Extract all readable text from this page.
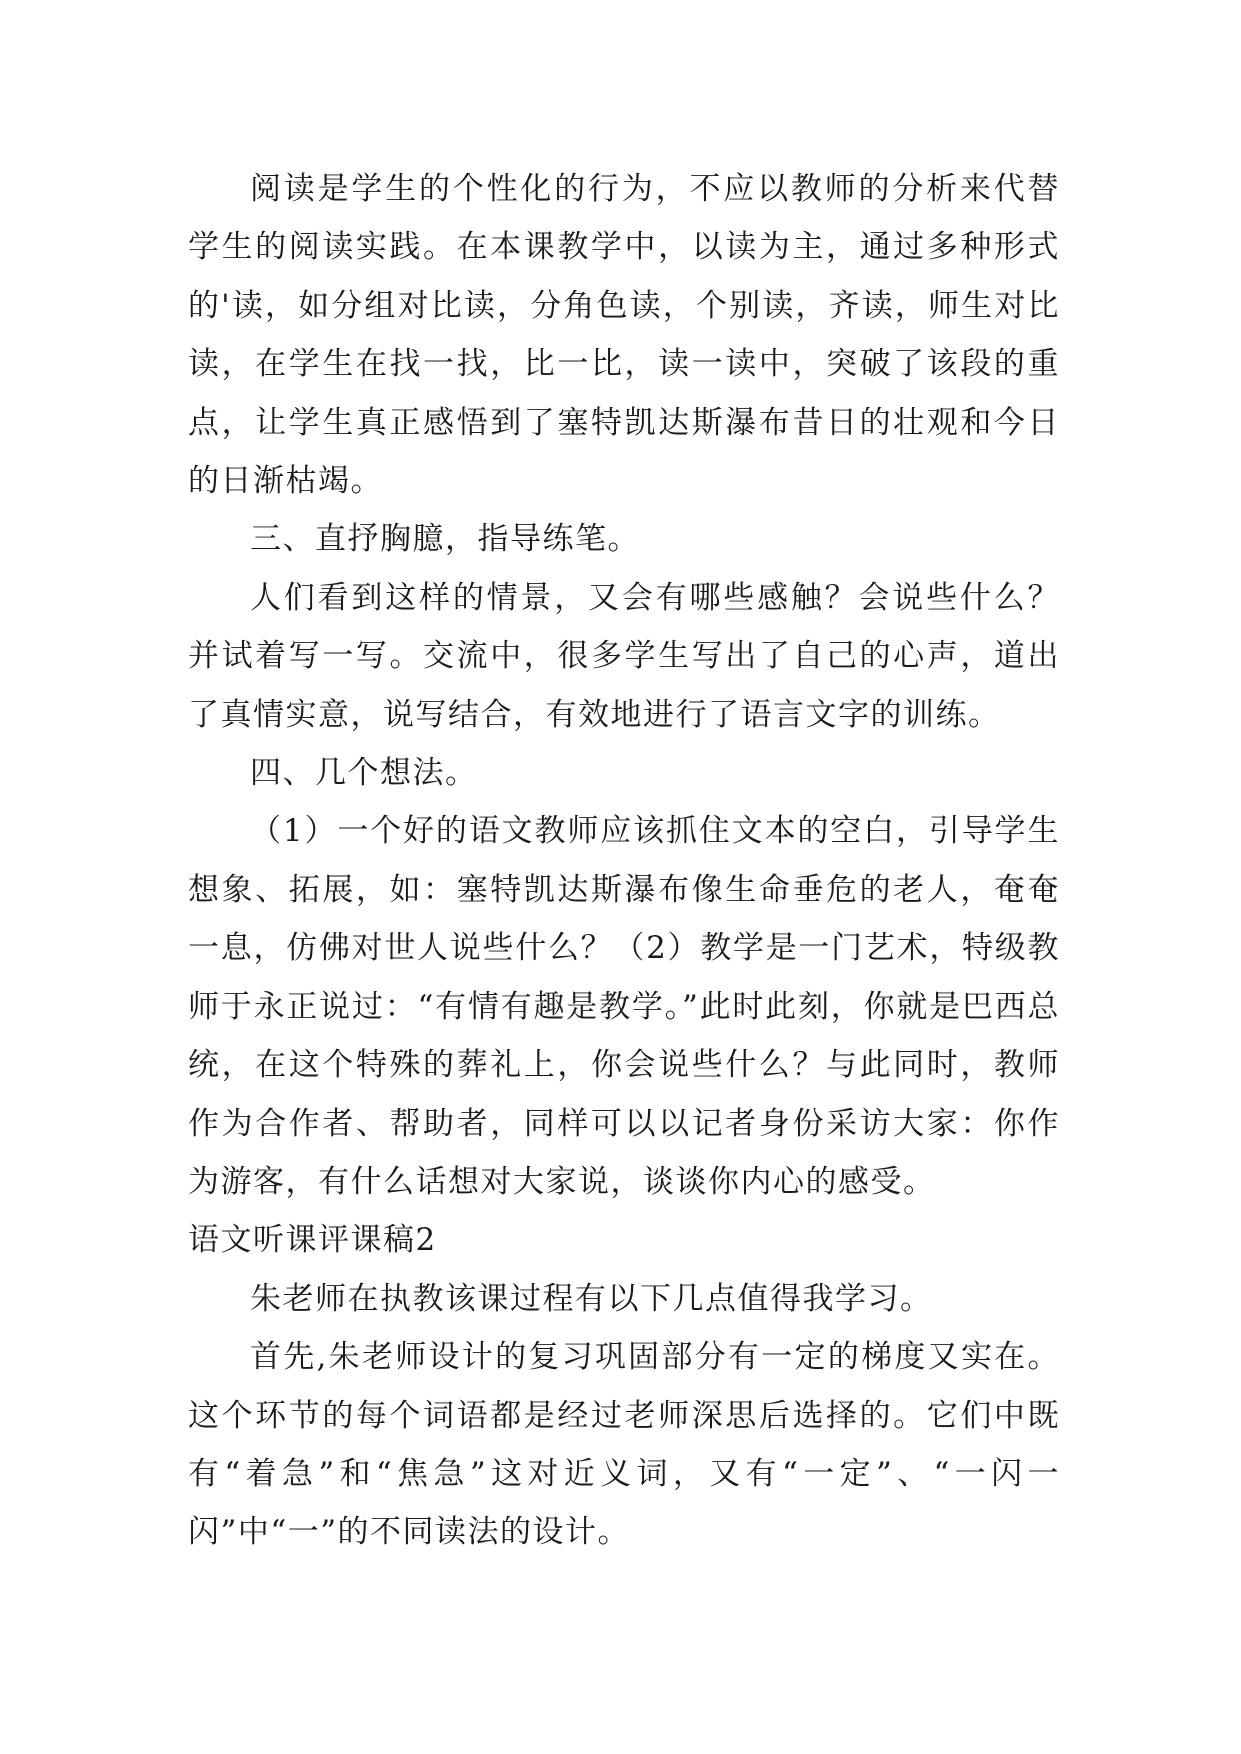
阅读是学生的个性化的行为，不应以教师的分析来代替学生的阅读实践。在本课教学中，以读为主，通过多种形式的'读，如分组对比读，分角色读，个别读，齐读，师生对比读，在学生在找一找，比一比，读一读中，突破了该段的重点，让学生真正感悟到了塞特凯达斯瀑布昔日的壮观和今日的日渐枯竭。

三、直抒胸臆，指导练笔。

人们看到这样的情景，又会有哪些感触？会说些什么？并试着写一写。交流中，很多学生写出了自己的心声，道出了真情实意，说写结合，有效地进行了语言文字的训练。

四、几个想法。

（1）一个好的语文教师应该抓住文本的空白，引导学生想象、拓展，如：塞特凯达斯瀑布像生命垂危的老人，奄奄一息，仿佛对世人说些什么？（2）教学是一门艺术，特级教师于永正说过：“有情有趣是教学。”此时此刻，你就是巴西总统，在这个特殊的葬礼上，你会说些什么？与此同时，教师作为合作者、帮助者，同样可以以记者身份采访大家：你作为游客，有什么话想对大家说，谈谈你内心的感受。

语文听课评课稿2

朱老师在执教该课过程有以下几点值得我学习。

首先,朱老师设计的复习巩固部分有一定的梯度又实在。这个环节的每个词语都是经过老师深思后选择的。它们中既有“着急”和“焦急”这对近义词，又有“一定”、“一闪一闪”中“一”的不同读法的设计。
